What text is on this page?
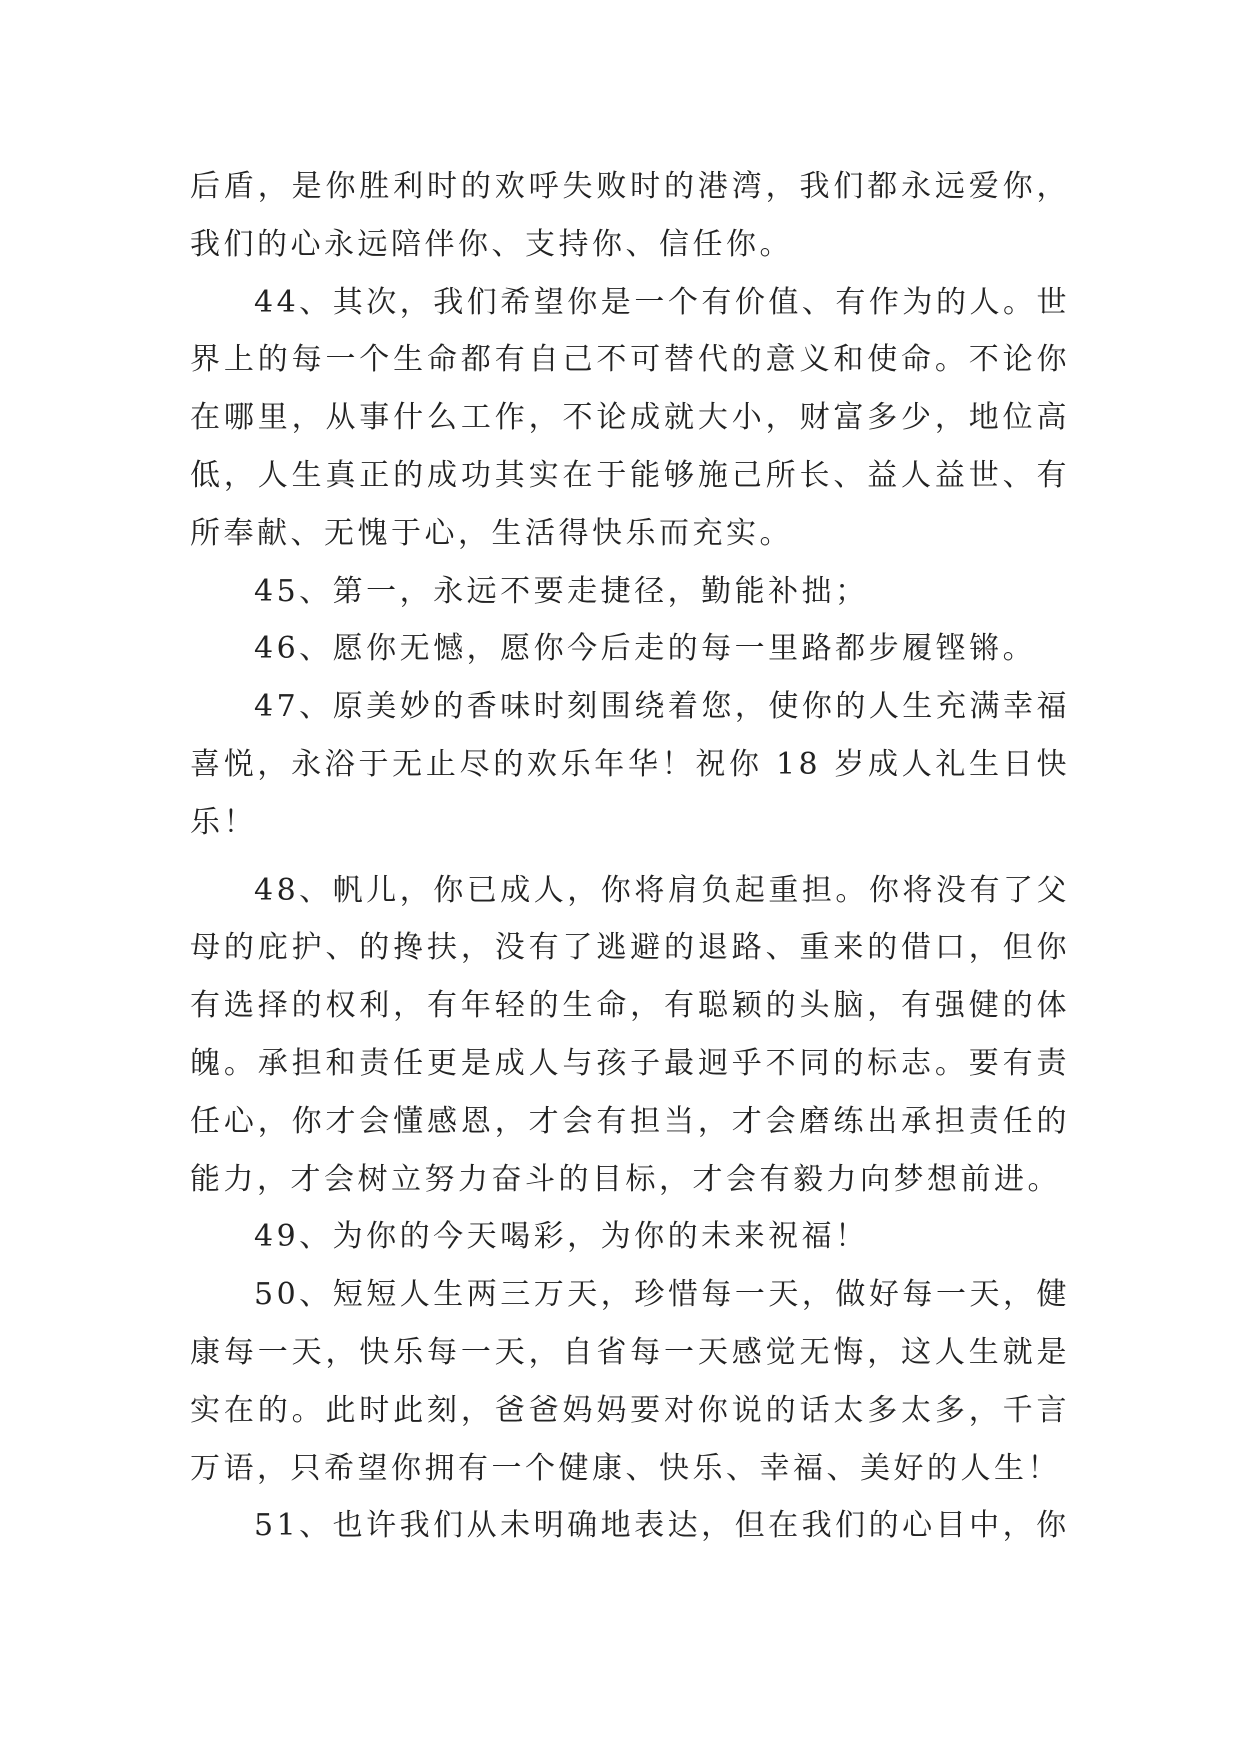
后盾，是你胜利时的欢呼失败时的港湾，我们都永远爱你，我们的心永远陪伴你、支持你、信任你。

44、其次，我们希望你是一个有价值、有作为的人。世界上的每一个生命都有自己不可替代的意义和使命。不论你在哪里，从事什么工作，不论成就大小，财富多少，地位高低，人生真正的成功其实在于能够施己所长、益人益世、有所奉献、无愧于心，生活得快乐而充实。

45、第一，永远不要走捷径，勤能补拙；

46、愿你无憾，愿你今后走的每一里路都步履铿锵。

47、原美妙的香味时刻围绕着您，使你的人生充满幸福喜悦，永浴于无止尽的欢乐年华！祝你 18 岁成人礼生日快乐！

48、帆儿，你已成人，你将肩负起重担。你将没有了父母的庇护、的搀扶，没有了逃避的退路、重来的借口，但你有选择的权利，有年轻的生命，有聪颖的头脑，有强健的体魄。承担和责任更是成人与孩子最迥乎不同的标志。要有责任心，你才会懂感恩，才会有担当，才会磨练出承担责任的能力，才会树立努力奋斗的目标，才会有毅力向梦想前进。

49、为你的今天喝彩，为你的未来祝福！

50、短短人生两三万天，珍惜每一天，做好每一天，健康每一天，快乐每一天，自省每一天感觉无悔，这人生就是实在的。此时此刻，爸爸妈妈要对你说的话太多太多，千言万语，只希望你拥有一个健康、快乐、幸福、美好的人生！

51、也许我们从未明确地表达，但在我们的心目中，你
